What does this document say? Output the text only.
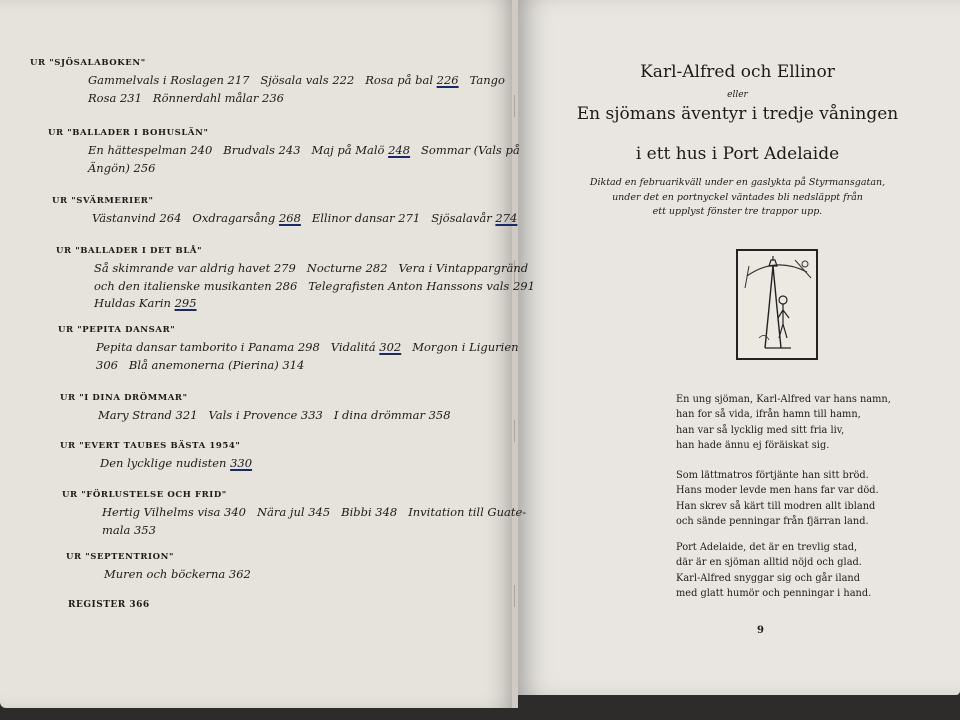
UR "SJÖSALABOKEN"
Gammelvals i Roslagen 217   Sjösala vals 222   Rosa på bal 226   Tango
Rosa 231   Rönnerdahl målar 236
UR "BALLADER I BOHUSLÄN"
En hättespelman 240   Brudvals 243   Maj på Malö 248   Sommar (Vals på
Ängön) 256
UR "SVÄRMERIER"
Västanvind 264   Oxdragarsång 268   Ellinor dansar 271   Sjösalavår 274
UR "BALLADER I DET BLÅ"
Så skimrande var aldrig havet 279   Nocturne 282   Vera i Vintappargränd
och den italienske musikanten 286   Telegrafisten Anton Hanssons vals 291
Huldas Karin 295
UR "PEPITA DANSAR"
Pepita dansar tamborito i Panama 298   Vidalitá 302   Morgon i Ligurien
306   Blå anemonerna (Pierina) 314
UR "I DINA DRÖMMAR"
Mary Strand 321   Vals i Provence 333   I dina drömmar 358
UR "EVERT TAUBES BÄSTA 1954"
Den lycklige nudisten 330
UR "FÖRLUSTELSE OCH FRID"
Hertig Vilhelms visa 340   Nära jul 345   Bibbi 348   Invitation till Guate-
mala 353
UR "SEPTENTRION"
Muren och böckerna 362
REGISTER 366
Karl-Alfred och Ellinor
eller
En sjömans äventyr i tredje våningen
i ett hus i Port Adelaide
Diktad en februarikväll under en gaslykta på Styrmansgatan,
under det en portnyckel väntades bli nedsläppt från
ett upplyst fönster tre trappor upp.
En ung sjöman, Karl-Alfred var hans namn,
han for så vida, ifrån hamn till hamn,
han var så lycklig med sitt fria liv,
han hade ännu ej föräiskat sig.
Som lättmatros förtjänte han sitt bröd.
Hans moder levde men hans far var död.
Han skrev så kärt till modren allt ibland
och sände penningar från fjärran land.
Port Adelaide, det är en trevlig stad,
där är en sjöman alltid nöjd och glad.
Karl-Alfred snyggar sig och går iland
med glatt humör och penningar i hand.
9
